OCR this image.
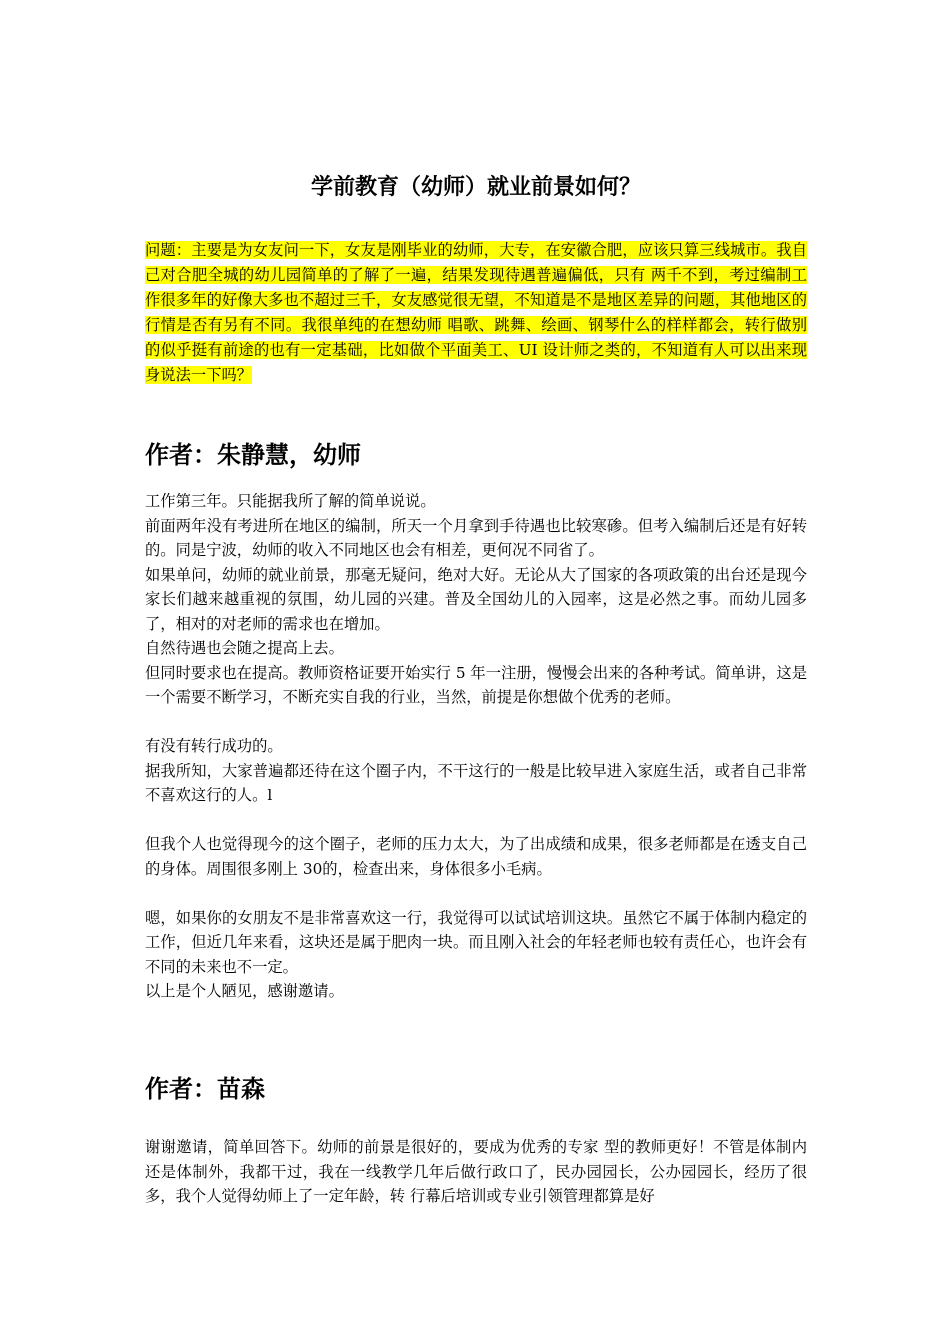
学前教育（幼师）就业前景如何？
问题：主要是为女友问一下，女友是刚毕业的幼师，大专，在安徽合肥，应该只算三线城市。我自己对合肥全城的幼儿园简单的了解了一遍，结果发现待遇普遍偏低，只有 两千不到，考过编制工作很多年的好像大多也不超过三千，女友感觉很无望，不知道是不是地区差异的问题，其他地区的行情是否有另有不同。我很单纯的在想幼师 唱歌、跳舞、绘画、钢琴什么的样样都会，转行做别的似乎挺有前途的也有一定基础，比如做个平面美工、UI 设计师之类的，不知道有人可以出来现身说法一下吗？
作者：朱静慧，幼师

工作第三年。只能据我所了解的简单说说。

前面两年没有考进所在地区的编制，所天一个月拿到手待遇也比较寒碜。但考入编制后还是有好转的。同是宁波，幼师的收入不同地区也会有相差，更何况不同省了。

如果单问，幼师的就业前景，那毫无疑问，绝对大好。无论从大了国家的各项政策的出台还是现今家长们越来越重视的氛围，幼儿园的兴建。普及全国幼儿的入园率，这是必然之事。而幼儿园多了，相对的对老师的需求也在增加。

自然待遇也会随之提高上去。

但同时要求也在提高。教师资格证要开始实行 5 年一注册，慢慢会出来的各种考试。简单讲，这是一个需要不断学习，不断充实自我的行业，当然，前提是你想做个优秀的老师。

有没有转行成功的。

据我所知，大家普遍都还待在这个圈子内，不干这行的一般是比较早进入家庭生活，或者自己非常不喜欢这行的人。l

但我个人也觉得现今的这个圈子，老师的压力太大，为了出成绩和成果，很多老师都是在透支自己的身体。周围很多刚上 30的，检查出来，身体很多小毛病。

嗯，如果你的女朋友不是非常喜欢这一行，我觉得可以试试培训这块。虽然它不属于体制内稳定的工作，但近几年来看，这块还是属于肥肉一块。而且刚入社会的年轻老师也较有责任心，也许会有不同的未来也不一定。

以上是个人陋见，感谢邀请。

作者：苗森

谢谢邀请，简单回答下。幼师的前景是很好的，要成为优秀的专家 型的教师更好！不管是体制内还是体制外，我都干过，我在一线教学几年后做行政口了，民办园园长，公办园园长，经历了很多，我个人觉得幼师上了一定年龄，转 行幕后培训或专业引领管理都算是好
